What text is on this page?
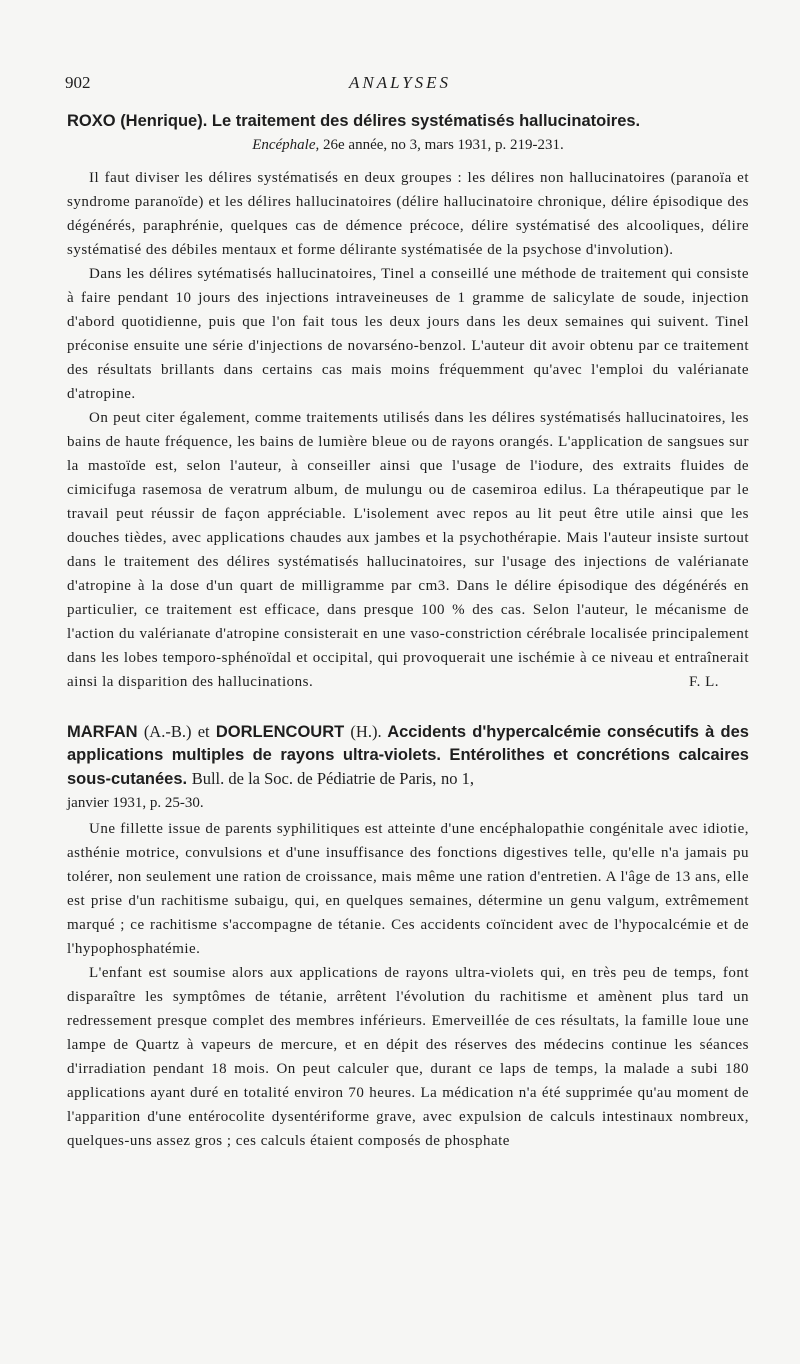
902	ANALYSES
ROXO (Henrique). Le traitement des délires systématisés hallucinatoires.
Encéphale, 26e année, no 3, mars 1931, p. 219-231.

Il faut diviser les délires systématisés en deux groupes : les délires non hallucinatoires (paranoïa et syndrome paranoïde) et les délires hallucinatoires (délire hallucinatoire chronique, délire épisodique des dégénérés, paraphrénie, quelques cas de démence précoce, délire systématisé des alcooliques, délire systématisé des débiles mentaux et forme délirante systématisée de la psychose d'involution).

Dans les délires sytématisés hallucinatoires, Tinel a conseillé une méthode de traitement qui consiste à faire pendant 10 jours des injections intraveineuses de 1 gramme de salicylate de soude, injection d'abord quotidienne, puis que l'on fait tous les deux jours dans les deux semaines qui suivent. Tinel préconise ensuite une série d'injections de novarséno-benzol. L'auteur dit avoir obtenu par ce traitement des résultats brillants dans certains cas mais moins fréquemment qu'avec l'emploi du valérianate d'atropine.

On peut citer également, comme traitements utilisés dans les délires systématisés hallucinatoires, les bains de haute fréquence, les bains de lumière bleue ou de rayons orangés. L'application de sangsues sur la mastoïde est, selon l'auteur, à conseiller ainsi que l'usage de l'iodure, des extraits fluides de cimicifuga rasemosa de veratrum album, de mulungu ou de casemiroa edilus. La thérapeutique par le travail peut réussir de façon appréciable. L'isolement avec repos au lit peut être utile ainsi que les douches tièdes, avec applications chaudes aux jambes et la psychothérapie. Mais l'auteur insiste surtout dans le traitement des délires systématisés hallucinatoires, sur l'usage des injections de valérianate d'atropine à la dose d'un quart de milligramme par cm3. Dans le délire épisodique des dégénérés en particulier, ce traitement est efficace, dans presque 100 % des cas. Selon l'auteur, le mécanisme de l'action du valérianate d'atropine consisterait en une vaso-constriction cérébrale localisée principalement dans les lobes temporo-sphénoïdal et occipital, qui provoquerait une ischémie à ce niveau et entraînerait ainsi la disparition des hallucinations.	F. L.

MARFAN (A.-B.) et DORLENCOURT (H.). Accidents d'hypercalcémie consécutifs à des applications multiples de rayons ultra-violets. Entérolithes et concrétions calcaires sous-cutanées. Bull. de la Soc. de Pédiatrie de Paris, no 1,
janvier 1931, p. 25-30.

Une fillette issue de parents syphilitiques est atteinte d'une encéphalopathie congénitale avec idiotie, asthénie motrice, convulsions et d'une insuffisance des fonctions digestives telle, qu'elle n'a jamais pu tolérer, non seulement une ration de croissance, mais même une ration d'entretien. A l'âge de 13 ans, elle est prise d'un rachitisme subaigu, qui, en quelques semaines, détermine un genu valgum, extrêmement marqué ; ce rachitisme s'accompagne de tétanie. Ces accidents coïncident avec de l'hypocalcémie et de l'hypophosphatémie.

L'enfant est soumise alors aux applications de rayons ultra-violets qui, en très peu de temps, font disparaître les symptômes de tétanie, arrêtent l'évolution du rachitisme et amènent plus tard un redressement presque complet des membres inférieurs. Emerveillée de ces résultats, la famille loue une lampe de Quartz à vapeurs de mercure, et en dépit des réserves des médecins continue les séances d'irradiation pendant 18 mois. On peut calculer que, durant ce laps de temps, la malade a subi 180 applications ayant duré en totalité environ 70 heures. La médication n'a été supprimée qu'au moment de l'apparition d'une entérocolite dysentériforme grave, avec expulsion de calculs intestinaux nombreux, quelques-uns assez gros ; ces calculs étaient composés de phosphate
